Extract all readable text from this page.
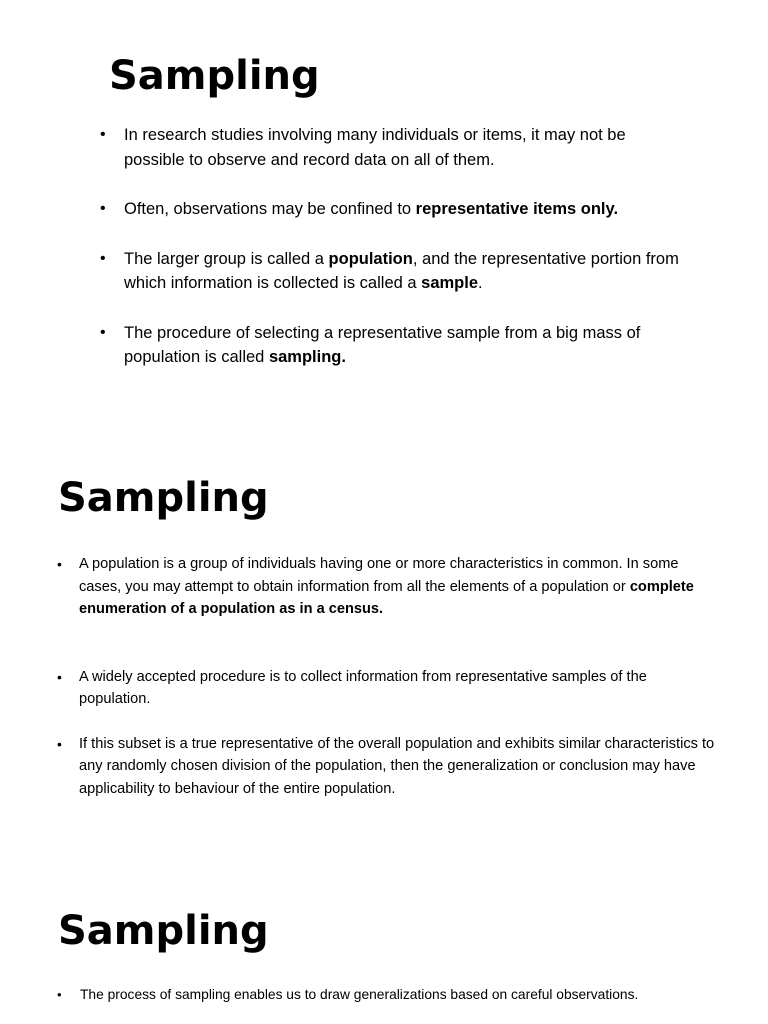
Sampling
• In research studies involving many individuals or items, it may not be possible to observe and record data on all of them.
• Often, observations may be confined to representative items only.
• The larger group is called a population, and the representative portion from which information is collected is called a sample.
• The procedure of selecting a representative sample from a big mass of population is called sampling.
Sampling
• A population is a group of individuals having one or more characteristics in common. In some cases, you may attempt to obtain information from all the elements of a population or complete enumeration of a population as in a census.
• A widely accepted procedure is to collect information from representative samples of the population.
• If this subset is a true representative of the overall population and exhibits similar characteristics to any randomly chosen division of the population, then the generalization or conclusion may have applicability to behaviour of the entire population.
Sampling
• The process of sampling enables us to draw generalizations based on careful observations.
